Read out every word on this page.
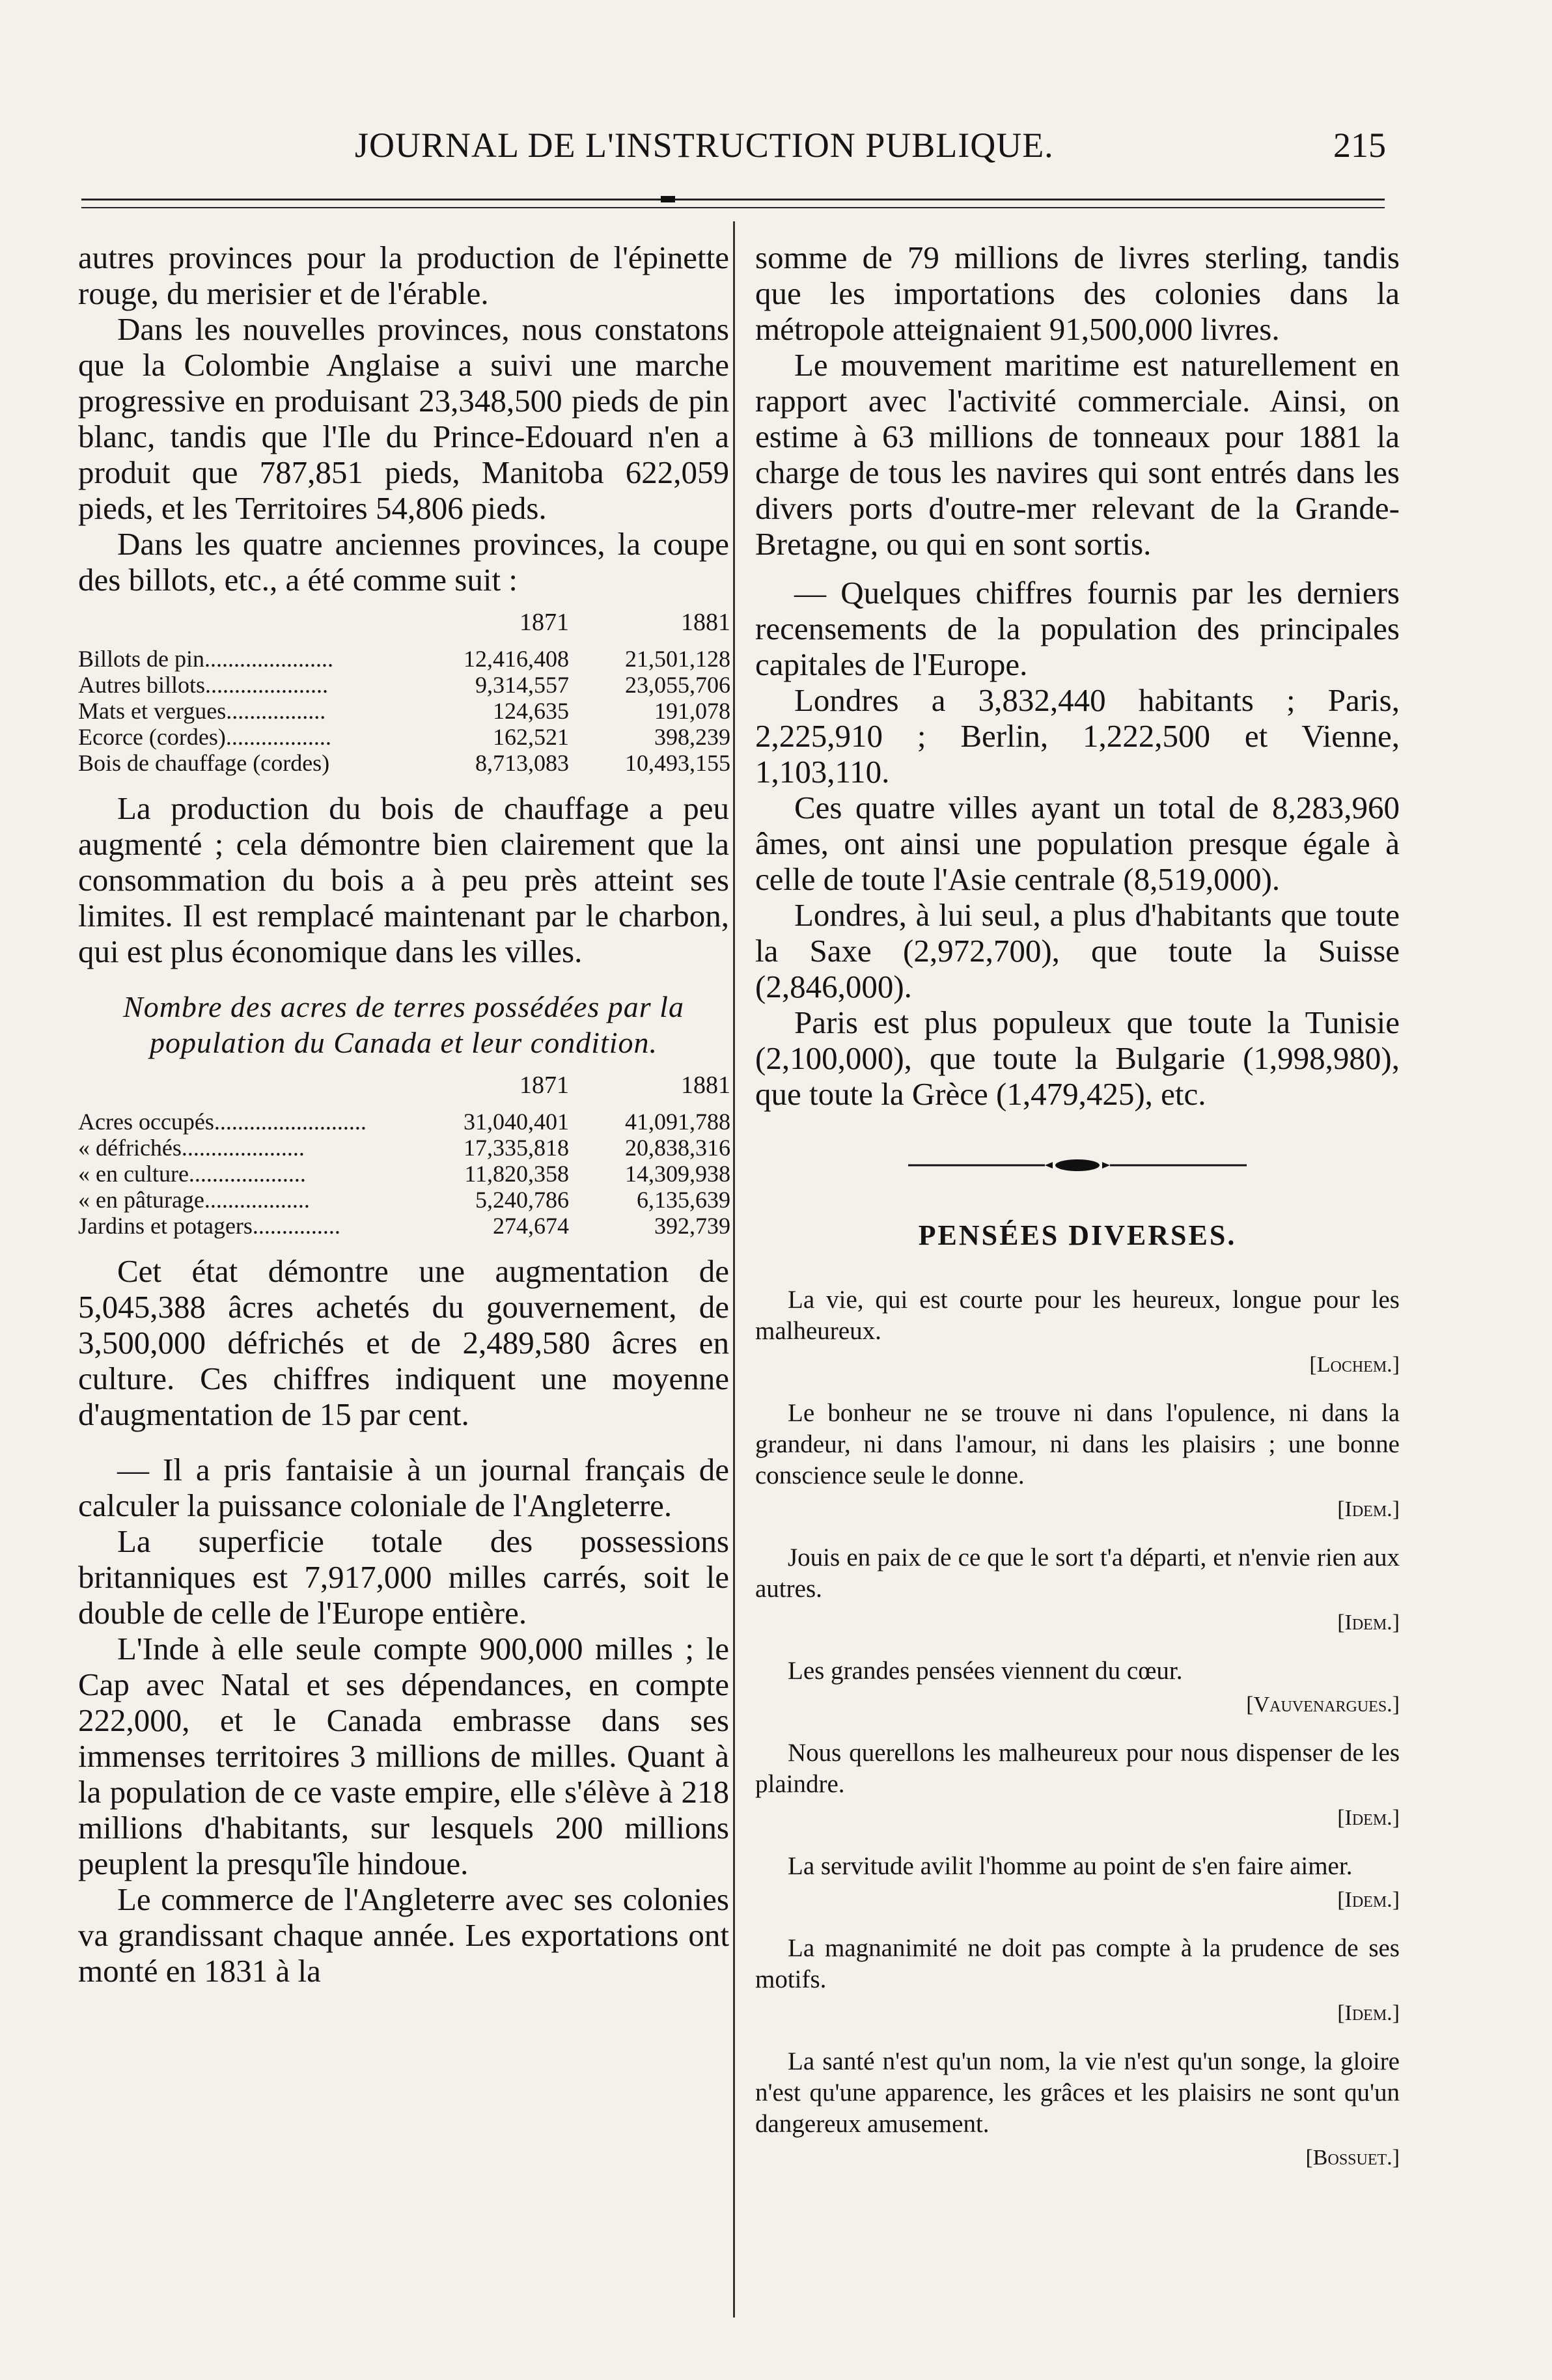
JOURNAL DE L'INSTRUCTION PUBLIQUE.	215

autres provinces pour la production de l'épinette rouge, du merisier et de l'érable.

Dans les nouvelles provinces, nous constatons que la Colombie Anglaise a suivi une marche progressive en produisant 23,348,500 pieds de pin blanc, tandis que l'Ile du Prince-Edouard n'en a produit que 787,851 pieds, Manitoba 622,059 pieds, et les Territoires 54,806 pieds.

Dans les quatre anciennes provinces, la coupe des billots, etc., a été comme suit :

	1871	1881
Billots de pin......................	12,416,408	21,501,128
Autres billots.....................	9,314,557	23,055,706
Mats et vergues.................	124,635	191,078
Ecorce (cordes)..................	162,521	398,239
Bois de chauffage (cordes)	8,713,083	10,493,155

La production du bois de chauffage a peu augmenté ; cela démontre bien clairement que la consommation du bois a à peu près atteint ses limites. Il est remplacé maintenant par le charbon, qui est plus économique dans les villes.

Nombre des acres de terres possédées par la population du Canada et leur condition.
	1871	1881
Acres occupés..........................	31,040,401	41,091,788
« défrichés.....................	17,335,818	20,838,316
« en culture....................	11,820,358	14,309,938
« en pâturage..................	5,240,786	6,135,639
Jardins et potagers...............	274,674	392,739

Cet état démontre une augmentation de 5,045,388 âcres achetés du gouvernement, de 3,500,000 défrichés et de 2,489,580 âcres en culture. Ces chiffres indiquent une moyenne d'augmentation de 15 par cent.

— Il a pris fantaisie à un journal français de calculer la puissance coloniale de l'Angleterre.

La superficie totale des possessions britanniques est 7,917,000 milles carrés, soit le double de celle de l'Europe entière.

L'Inde à elle seule compte 900,000 milles ; le Cap avec Natal et ses dépendances, en compte 222,000, et le Canada embrasse dans ses immenses territoires 3 millions de milles. Quant à la population de ce vaste empire, elle s'élève à 218 millions d'habitants, sur lesquels 200 millions peuplent la presqu'île hindoue.

Le commerce de l'Angleterre avec ses colonies va grandissant chaque année. Les exportations ont monté en 1831 à la

somme de 79 millions de livres sterling, tandis que les importations des colonies dans la métropole atteignaient 91,500,000 livres.

Le mouvement maritime est naturellement en rapport avec l'activité commerciale. Ainsi, on estime à 63 millions de tonneaux pour 1881 la charge de tous les navires qui sont entrés dans les divers ports d'outre-mer relevant de la Grande-Bretagne, ou qui en sont sortis.

— Quelques chiffres fournis par les derniers recensements de la population des principales capitales de l'Europe.

Londres a 3,832,440 habitants ; Paris, 2,225,910 ; Berlin, 1,222,500 et Vienne, 1,103,110.

Ces quatre villes ayant un total de 8,283,960 âmes, ont ainsi une population presque égale à celle de toute l'Asie centrale (8,519,000).

Londres, à lui seul, a plus d'habitants que toute la Saxe (2,972,700), que toute la Suisse (2,846,000).

Paris est plus populeux que toute la Tunisie (2,100,000), que toute la Bulgarie (1,998,980), que toute la Grèce (1,479,425), etc.

PENSÉES DIVERSES.
La vie, qui est courte pour les heureux, longue pour les malheureux.
[Lochem.]
Le bonheur ne se trouve ni dans l'opulence, ni dans la grandeur, ni dans l'amour, ni dans les plaisirs ; une bonne conscience seule le donne.
[Idem.]
Jouis en paix de ce que le sort t'a départi, et n'envie rien aux autres.
[Idem.]
Les grandes pensées viennent du cœur.
[Vauvenargues.]
Nous querellons les malheureux pour nous dispenser de les plaindre.
[Idem.]
La servitude avilit l'homme au point de s'en faire aimer.
[Idem.]
La magnanimité ne doit pas compte à la prudence de ses motifs.
[Idem.]
La santé n'est qu'un nom, la vie n'est qu'un songe, la gloire n'est qu'une apparence, les grâces et les plaisirs ne sont qu'un dangereux amusement.
[Bossuet.]
